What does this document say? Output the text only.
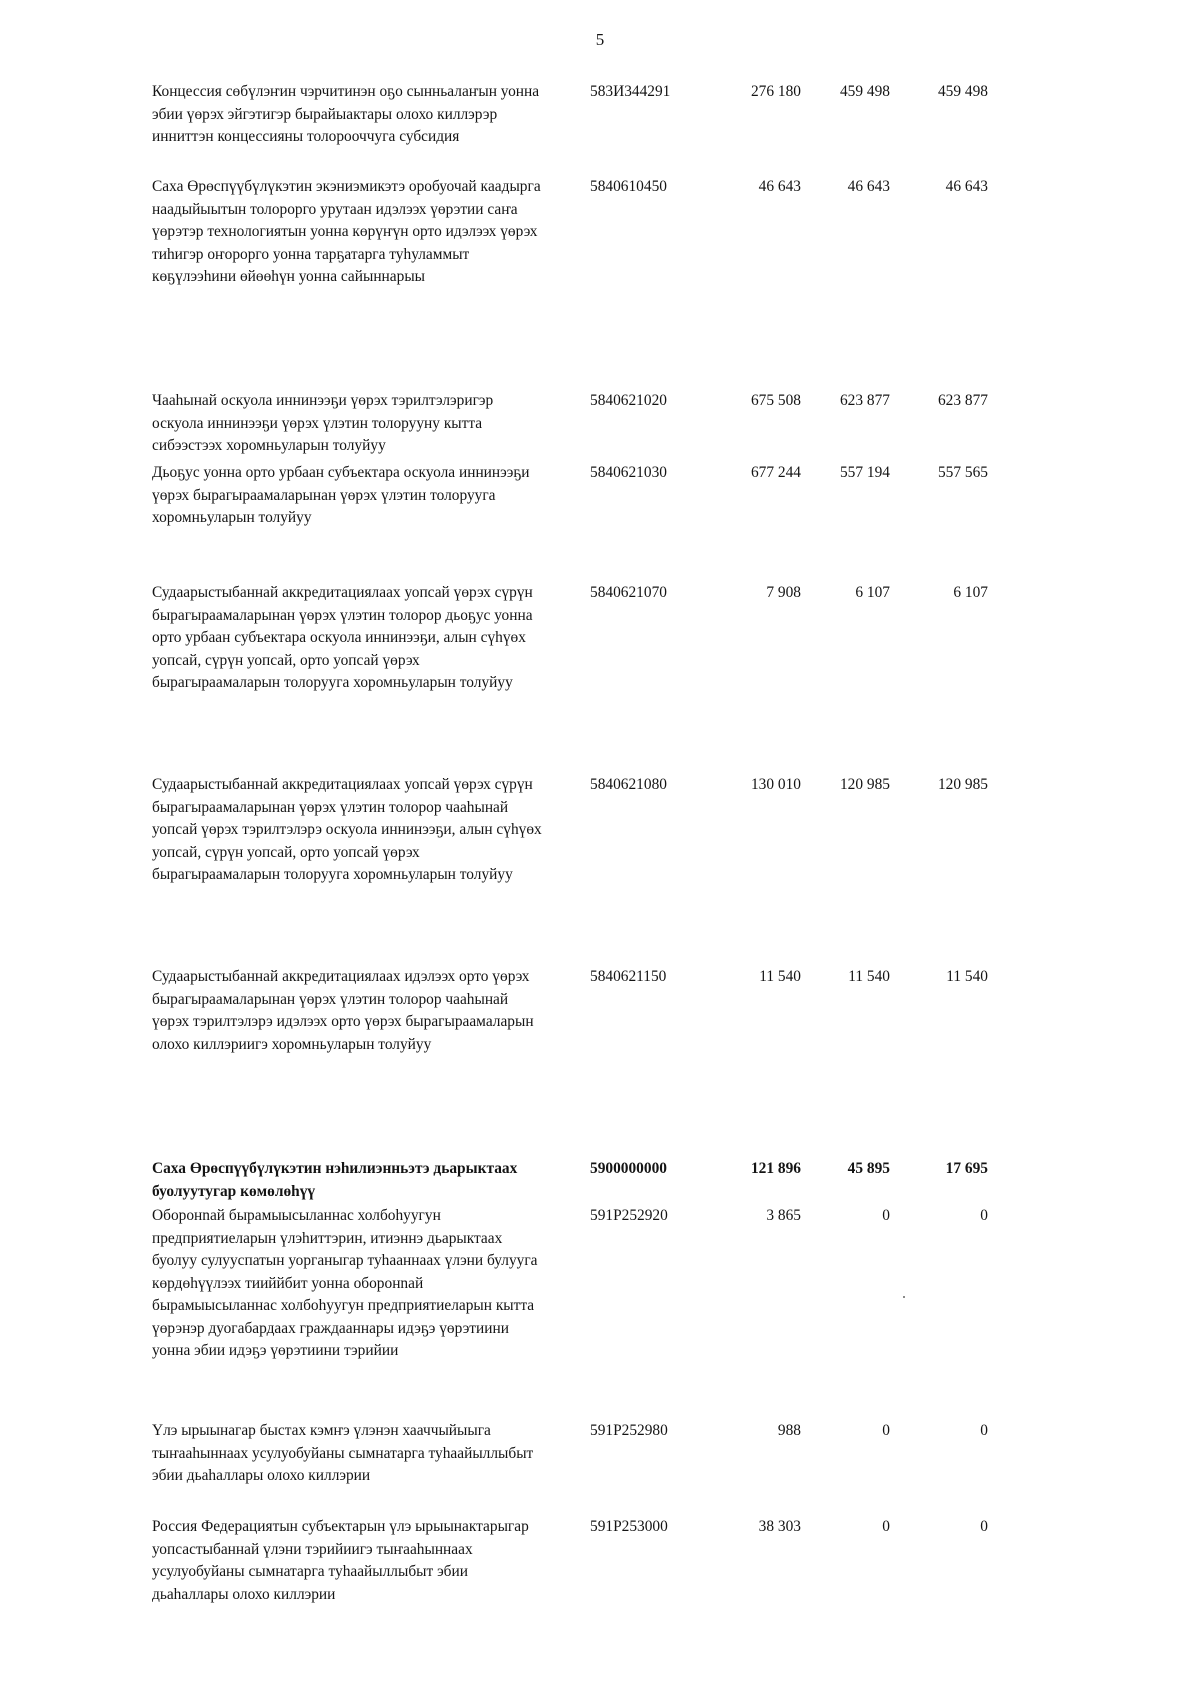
5
Концессия сөбүлэҥин чэрчитинэн оҕо сынньалаҥын уонна эбии үөрэх эйгэтигэр бырайыактары олохо киллэрэр инниттэн концессияны толорооччуга субсидия
583И344291	276 180	459 498	459 498
Саха Өрөспүүбүлүкэтин экэниэмикэтэ оробуочай кaадырга наадыйыытын толорорго урутаан идэлээх үөрэтии саҥа үөрэтэр технологиятын уонна көрүҥүн орто идэлээх үөрэх тиһигэр оҥорорго уонна тарҕатарга туһуламмыт көҕүлээһини өйөөһүн уонна сайыннарыы
5840610450	46 643	46 643	46 643
Чааһынай оскуола иннинээҕи үөрэх тэрилтэлэригэр оскуола иннинээҕи үөрэх үлэтин толорууну кытта сибээстээх хоромньуларын толуйуу
5840621020	675 508	623 877	623 877
Дьоҕус уонна орто урбаан субъектара оскуола иннинээҕи үөрэх бырагыраамаларынан үөрэх үлэтин толорууга хоромньуларын толуйуу
5840621030	677 244	557 194	557 565
Судаарыстыбаннай аккредитациялаах уопсай үөрэх сүрүн бырагыраамаларынан үөрэх үлэтин толорор дьоҕус уонна орто урбаан субъектара оскуола иннинээҕи, алын сүһүөх уопсай, сүрүн уопсай, орто уопсай үөрэх бырагыраамаларын толорууга хоромньуларын толуйуу
5840621070	7 908	6 107	6 107
Судаарыстыбаннай аккредитациялаах уопсай үөрэх сүрүн бырагыраамаларынан үөрэх үлэтин толорор чааһынай уопсай үөрэх тэрилтэлэрэ оскуола иннинээҕи, алын сүһүөх уопсай, сүрүн уопсай, орто уопсай үөрэх бырагыраамаларын толорууга хоромньуларын толуйуу
5840621080	130 010	120 985	120 985
Судаарыстыбаннай аккредитациялаах идэлээх орто үөрэх бырагыраамаларынан үөрэх үлэтин толорор чааһынай үөрэх тэрилтэлэрэ идэлээх орто үөрэх бырагыраамаларын олохо киллэриигэ хоромньуларын толуйуу
5840621150	11 540	11 540	11 540
Саха Өрөспүүбүлүкэтин нэһилиэнньэтэ дьарыктаах буолуутугар көмөлөһүү
5900000000	121 896	45 895	17 695
Оборонnай бырамыысыланнас холбоһуугун предприятиеларын үлэһиттэрин, итиэннэ дьарыктаах буолуу сулууспатын уорганыгар туһааннаах үлэни булууга көрдөһүүлээх тииййбит уонна оборонnай бырамыысыланнас холбоһуугун предприятиеларын кытта үөрэнэр дуогабардаах граждааннары идэҕэ үөрэтиини уонна эбии идэҕэ үөрэтиини тэрийии
591Р252920	3 865	0	0
Үлэ ырыынагар быстах кэмҥэ үлэнэн хааччыйыыга тыҥааһыннаах усулуобуйаны сымнатарга туһаайыллыбыт эбии дьаһаллары олохо киллэрии
591Р252980	988	0	0
Россия Федерациятын субъектарын үлэ ырыынактарыгар уопсастыбаннай үлэни тэрийиигэ тыҥааһыннаах усулуобуйаны сымнатарга туһаайыллыбыт эбии дьаһаллары олохо киллэрии
591Р253000	38 303	0	0
